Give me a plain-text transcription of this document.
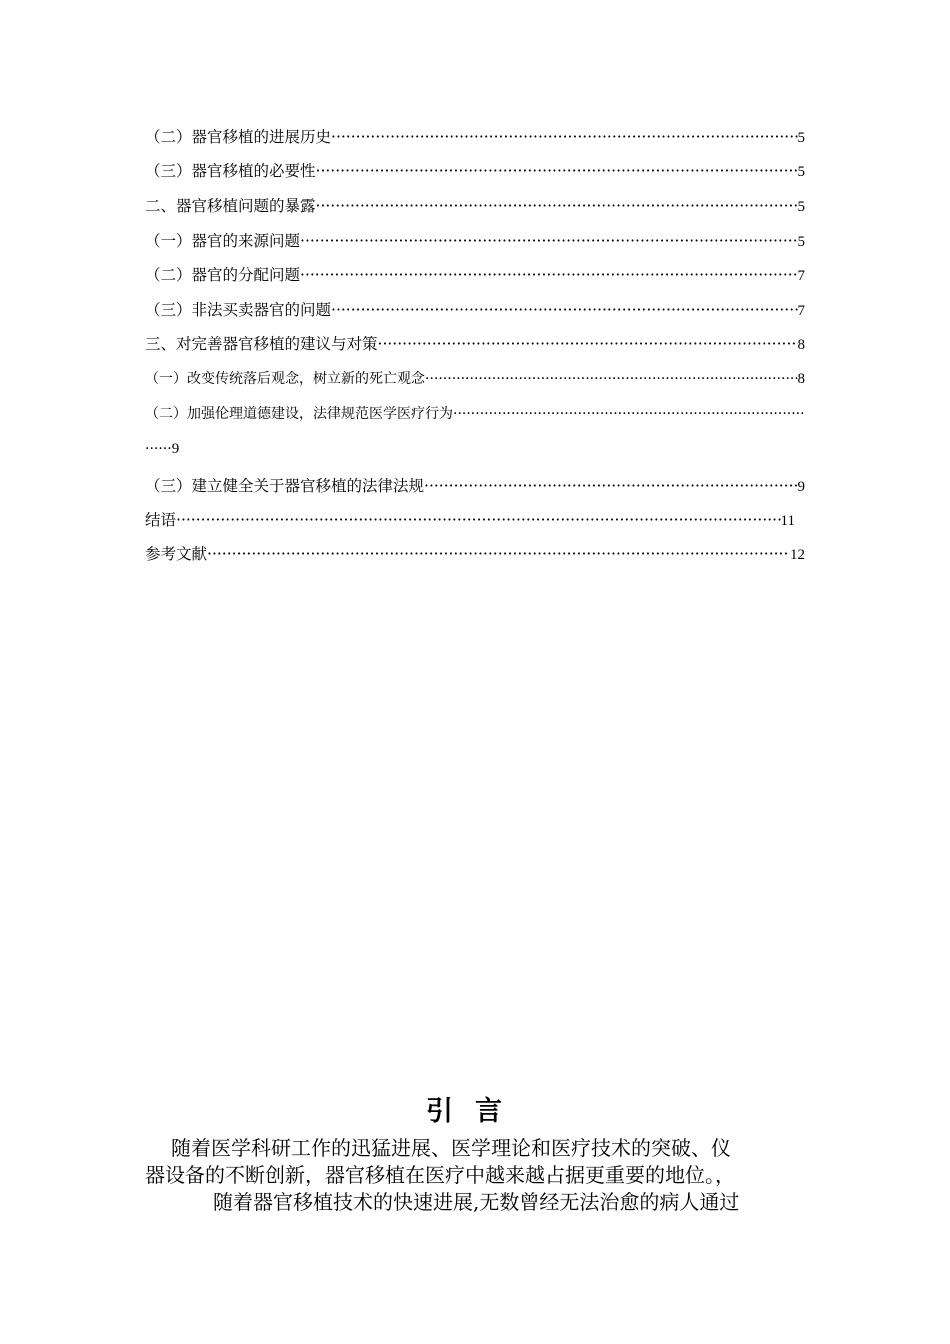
（二）器官移植的进展历史 ·····	5
（三）器官移植的必要性 ·····	5
二、器官移植问题的暴露 ·····	5
（一）器官的来源问题 ·····	5
（二）器官的分配问题 ·····	7
（三）非法买卖器官的问题 ·····	7
三、对完善器官移植的建议与对策 ·····	8
（一）改变传统落后观念，树立新的死亡观念 ·····	8
（二）加强伦理道德建设，法律规范医学医疗行为
·····
······9
（三）建立健全关于器官移植的法律法规 ·····	9
结语 ·····	11
参考文献 ·····	12
引言
随着医学科研工作的迅猛进展、医学理论和医疗技术的突破、仪
器设备的不断创新，器官移植在医疗中越来越占据更重要的地位。，
随着器官移植技术的快速进展,无数曾经无法治愈的病人通过
